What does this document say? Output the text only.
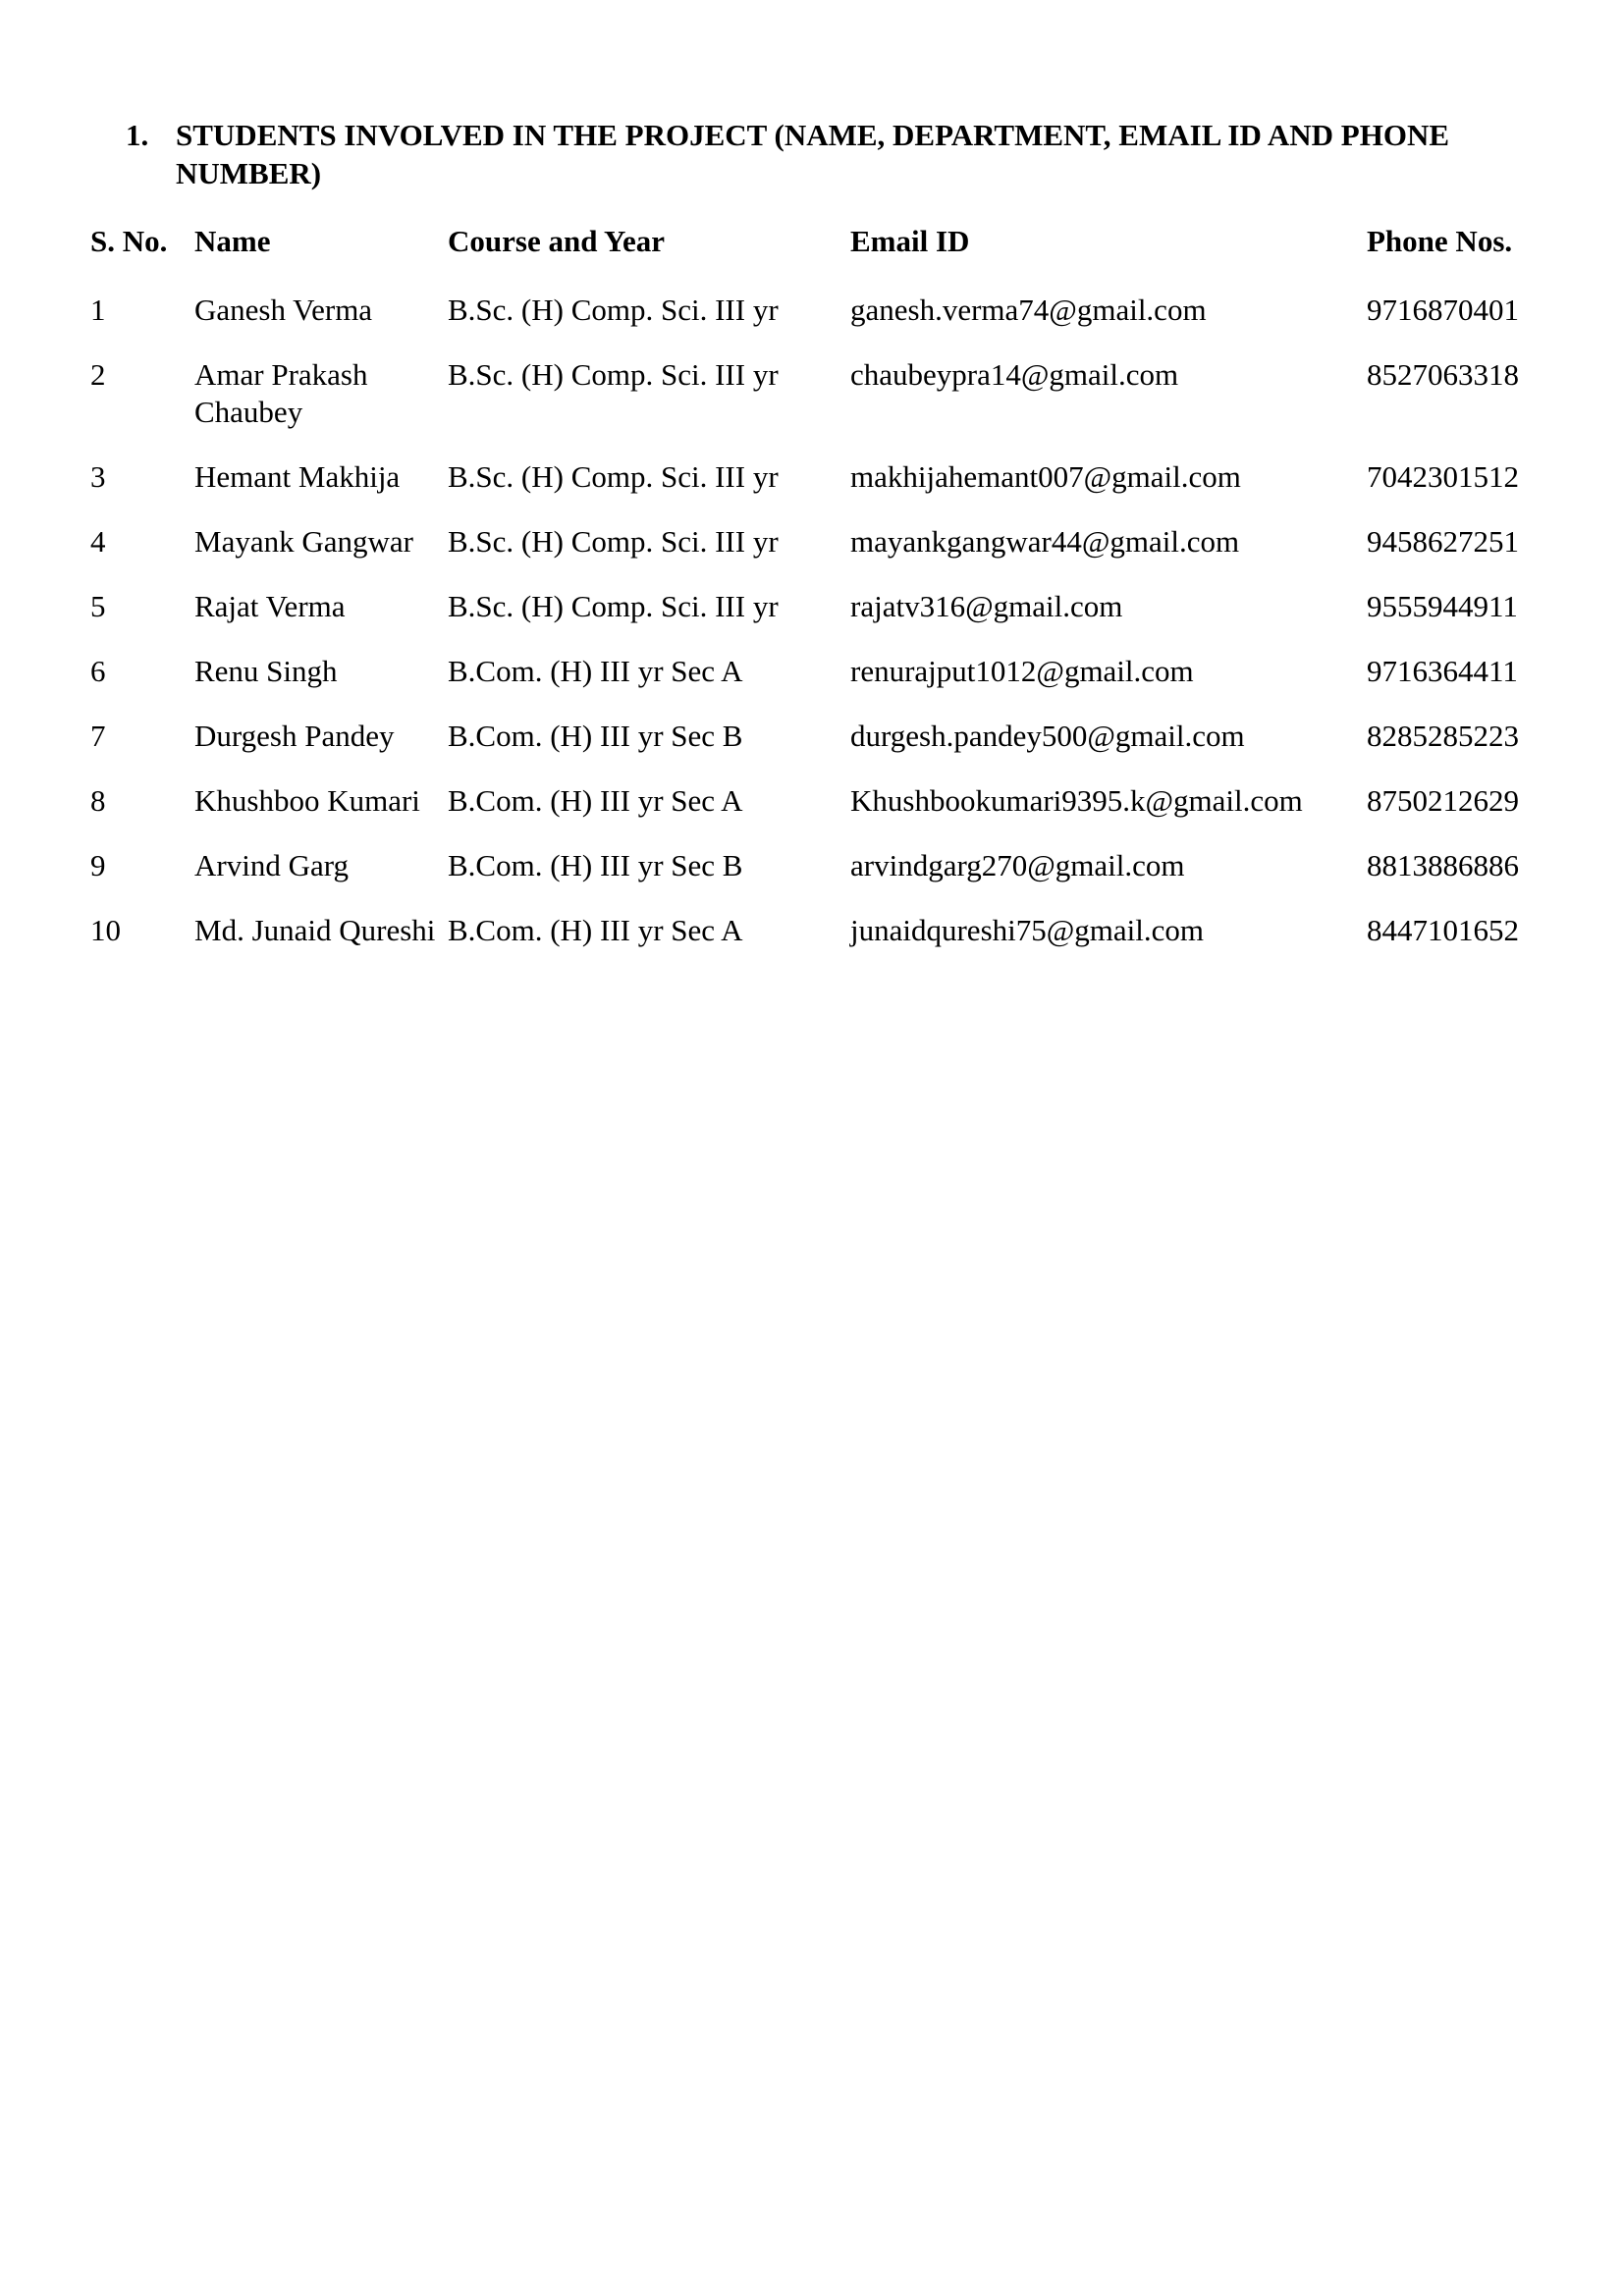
1. STUDENTS INVOLVED IN THE PROJECT (NAME, DEPARTMENT, EMAIL ID AND PHONE NUMBER)
S. No.	Name	Course and Year	Email ID	Phone Nos.
1	Ganesh Verma	B.Sc. (H) Comp. Sci. III yr	ganesh.verma74@gmail.com	9716870401
2	Amar Prakash Chaubey	B.Sc. (H) Comp. Sci. III yr	chaubeypra14@gmail.com	8527063318
3	Hemant Makhija	B.Sc. (H) Comp. Sci. III yr	makhijahemant007@gmail.com	7042301512
4	Mayank Gangwar	B.Sc. (H) Comp. Sci. III yr	mayankgangwar44@gmail.com	9458627251
5	Rajat Verma	B.Sc. (H) Comp. Sci. III yr	rajatv316@gmail.com	9555944911
6	Renu Singh	B.Com. (H) III yr Sec A	renurajput1012@gmail.com	9716364411
7	Durgesh Pandey	B.Com. (H) III yr Sec B	durgesh.pandey500@gmail.com	8285285223
8	Khushboo Kumari	B.Com. (H) III yr Sec A	Khushbookumari9395.k@gmail.com	8750212629
9	Arvind Garg	B.Com. (H) III yr Sec B	arvindgarg270@gmail.com	8813886886
10	Md. Junaid Qureshi	B.Com. (H) III yr Sec A	junaidqureshi75@gmail.com	8447101652
